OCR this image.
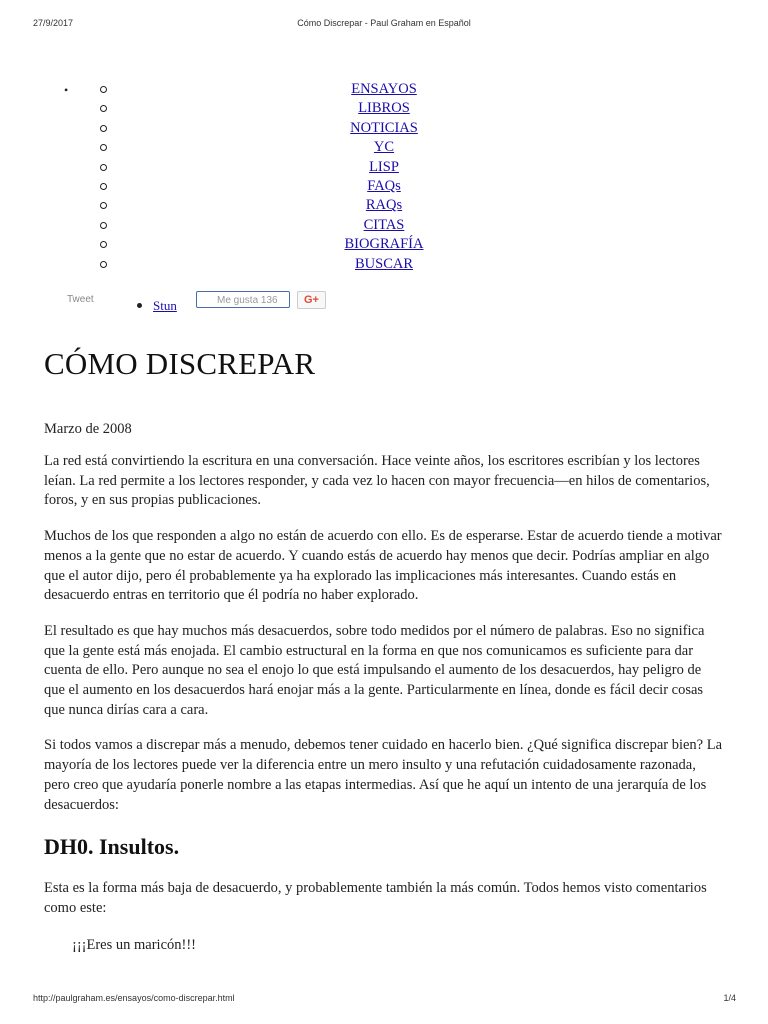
27/9/2017	Cómo Discrepar - Paul Graham en Español
•	ENSAYOS
LIBROS
NOTICIAS
YC
LISP
FAQs
RAQs
CITAS
BIOGRAFÍA
BUSCAR
Tweet	Stun	Me gusta 136	G+
CÓMO DISCREPAR
Marzo de 2008

La red está convirtiendo la escritura en una conversación. Hace veinte años, los escritores escribían y los lectores leían. La red permite a los lectores responder, y cada vez lo hacen con mayor frecuencia—en hilos de comentarios, foros, y en sus propias publicaciones.

Muchos de los que responden a algo no están de acuerdo con ello. Es de esperarse. Estar de acuerdo tiende a motivar menos a la gente que no estar de acuerdo. Y cuando estás de acuerdo hay menos que decir. Podrías ampliar en algo que el autor dijo, pero él probablemente ya ha explorado las implicaciones más interesantes. Cuando estás en desacuerdo entras en territorio que él podría no haber explorado.

El resultado es que hay muchos más desacuerdos, sobre todo medidos por el número de palabras. Eso no significa que la gente está más enojada. El cambio estructural en la forma en que nos comunicamos es suficiente para dar cuenta de ello. Pero aunque no sea el enojo lo que está impulsando el aumento de los desacuerdos, hay peligro de que el aumento en los desacuerdos hará enojar más a la gente. Particularmente en línea, donde es fácil decir cosas que nunca dirías cara a cara.

Si todos vamos a discrepar más a menudo, debemos tener cuidado en hacerlo bien. ¿Qué significa discrepar bien? La mayoría de los lectores puede ver la diferencia entre un mero insulto y una refutación cuidadosamente razonada, pero creo que ayudaría ponerle nombre a las etapas intermedias. Así que he aquí un intento de una jerarquía de los desacuerdos:

DH0. Insultos.

Esta es la forma más baja de desacuerdo, y probablemente también la más común. Todos hemos visto comentarios como este:

¡¡¡Eres un maricón!!!
http://paulgraham.es/ensayos/como-discrepar.html	1/4
